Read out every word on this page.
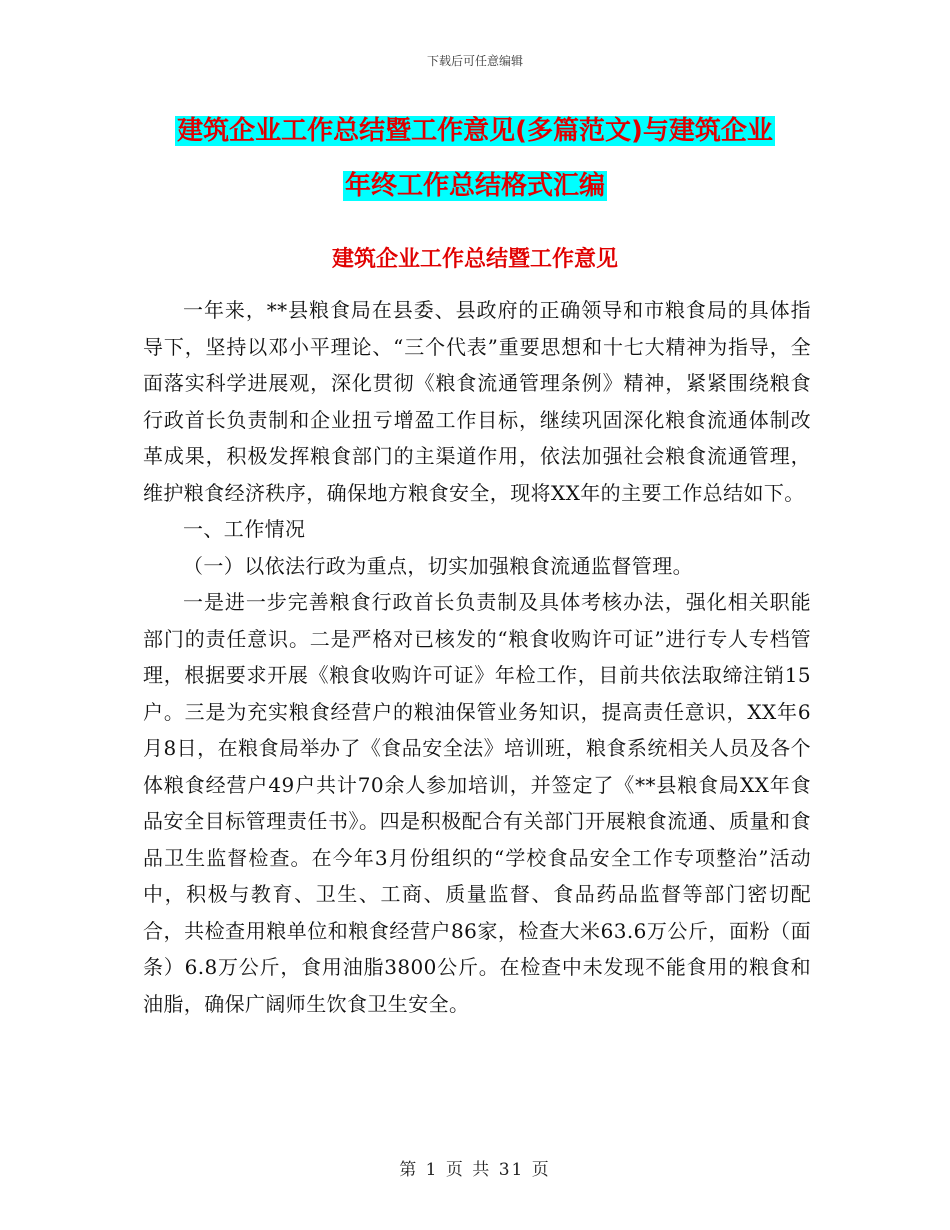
下载后可任意编辑
建筑企业工作总结暨工作意见(多篇范文)与建筑企业
年终工作总结格式汇编
建筑企业工作总结暨工作意见

一年来，**县粮食局在县委、县政府的正确领导和市粮食局的具体指导下，坚持以邓小平理论、“三个代表”重要思想和十七大精神为指导，全面落实科学进展观，深化贯彻《粮食流通管理条例》精神，紧紧围绕粮食行政首长负责制和企业扭亏增盈工作目标，继续巩固深化粮食流通体制改革成果，积极发挥粮食部门的主渠道作用，依法加强社会粮食流通管理，维护粮食经济秩序，确保地方粮食安全，现将XX年的主要工作总结如下。

一、工作情况

（一）以依法行政为重点，切实加强粮食流通监督管理。

一是进一步完善粮食行政首长负责制及具体考核办法，强化相关职能部门的责任意识。二是严格对已核发的“粮食收购许可证”进行专人专档管理，根据要求开展《粮食收购许可证》年检工作，目前共依法取缔注销15户。三是为充实粮食经营户的粮油保管业务知识，提高责任意识，XX年6月8日，在粮食局举办了《食品安全法》培训班，粮食系统相关人员及各个体粮食经营户49户共计70余人参加培训，并签定了《**县粮食局XX年食品安全目标管理责任书》。四是积极配合有关部门开展粮食流通、质量和食品卫生监督检查。在今年3月份组织的“学校食品安全工作专项整治”活动中，积极与教育、卫生、工商、质量监督、食品药品监督等部门密切配合，共检查用粮单位和粮食经营户86家，检查大米63.6万公斤，面粉（面条）6.8万公斤，食用油脂3800公斤。在检查中未发现不能食用的粮食和油脂，确保广阔师生饮食卫生安全。

第 1 页 共 31 页
